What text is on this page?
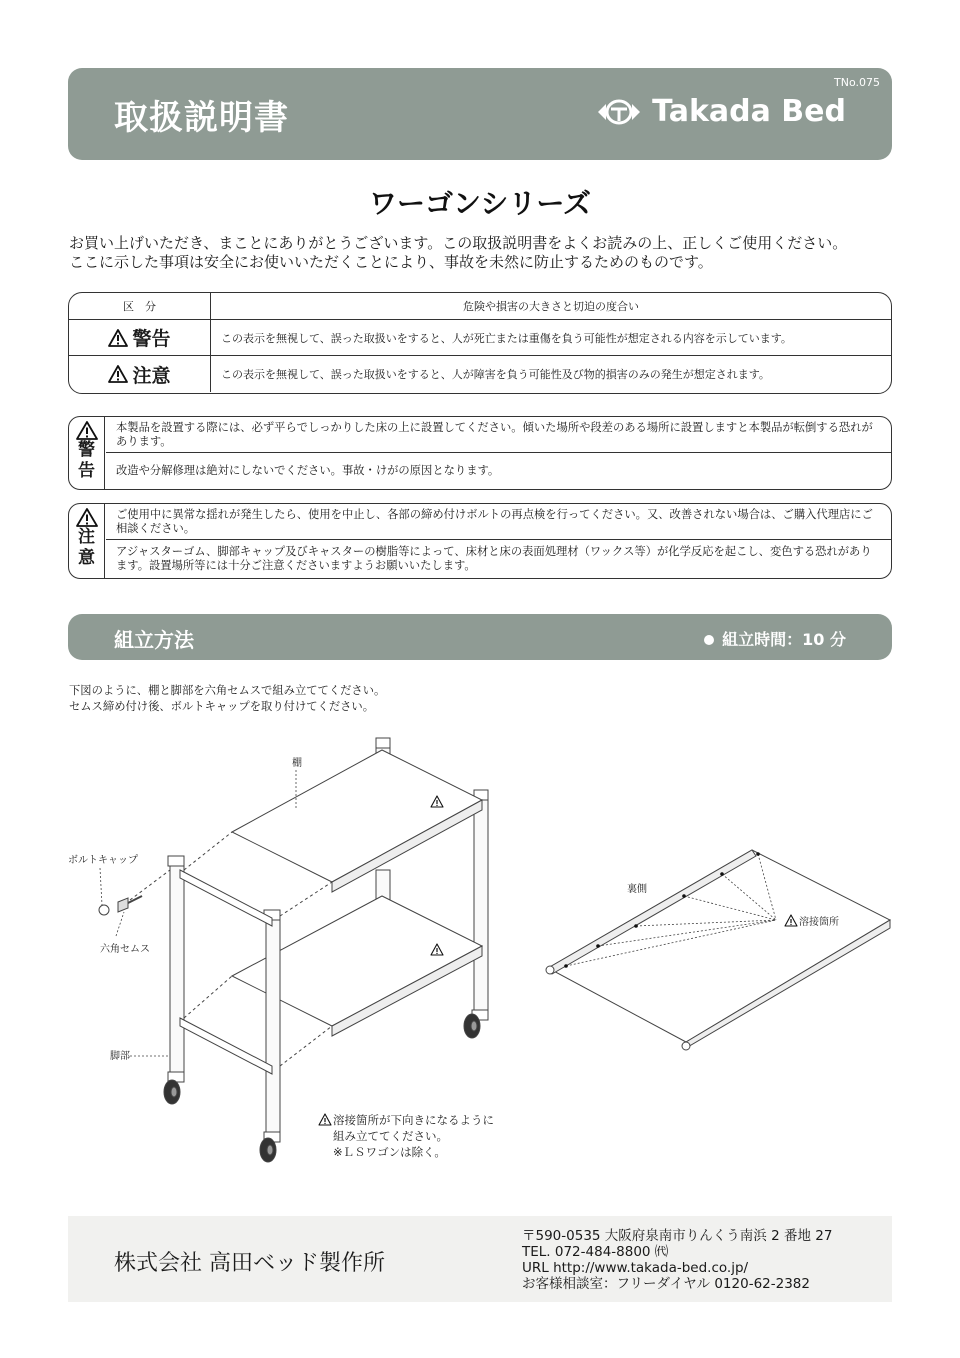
取扱説明書
TNo.075
Takada Bed
ワーゴンシリーズ
お買い上げいただき、まことにありがとうございます。この取扱説明書をよくお読みの上、正しくご使用ください。
ここに示した事項は安全にお使いいただくことにより、事故を未然に防止するためのものです。
区　分	危険や損害の大きさと切迫の度合い
警告	この表示を無視して、誤った取扱いをすると、人が死亡または重傷を負う可能性が想定される内容を示しています。
注意	この表示を無視して、誤った取扱いをすると、人が障害を負う可能性及び物的損害のみの発生が想定されます。
警
告
本製品を設置する際には、必ず平らでしっかりした床の上に設置してください。傾いた場所や段差のある場所に設置しますと本製品が転倒する恐れがあります。
改造や分解修理は絶対にしないでください。事故・けがの原因となります。
注
意
ご使用中に異常な揺れが発生したら、使用を中止し、各部の締め付けボルトの再点検を行ってください。又、改善されない場合は、ご購入代理店にご相談ください。
アジャスターゴム、脚部キャップ及びキャスターの樹脂等によって、床材と床の表面処理材（ワックス等）が化学反応を起こし、変色する恐れがあります。設置場所等には十分ご注意くださいますようお願いいたします。
組立方法	組立時間：10 分
下図のように、棚と脚部を六角セムスで組み立ててください。
セムス締め付け後、ボルトキャップを取り付けてください。
棚
ボルトキャップ
六角セムス
脚部
溶接箇所が下向きになるように
組み立ててください。
※ＬＳワゴンは除く。
裏側
溶接箇所
株式会社 高田ベッド製作所
〒590-0535 大阪府泉南市りんくう南浜 2 番地 27
TEL. 072-484-8800 ㈹
URL http://www.takada-bed.co.jp/
お客様相談室：フリーダイヤル 0120-62-2382
